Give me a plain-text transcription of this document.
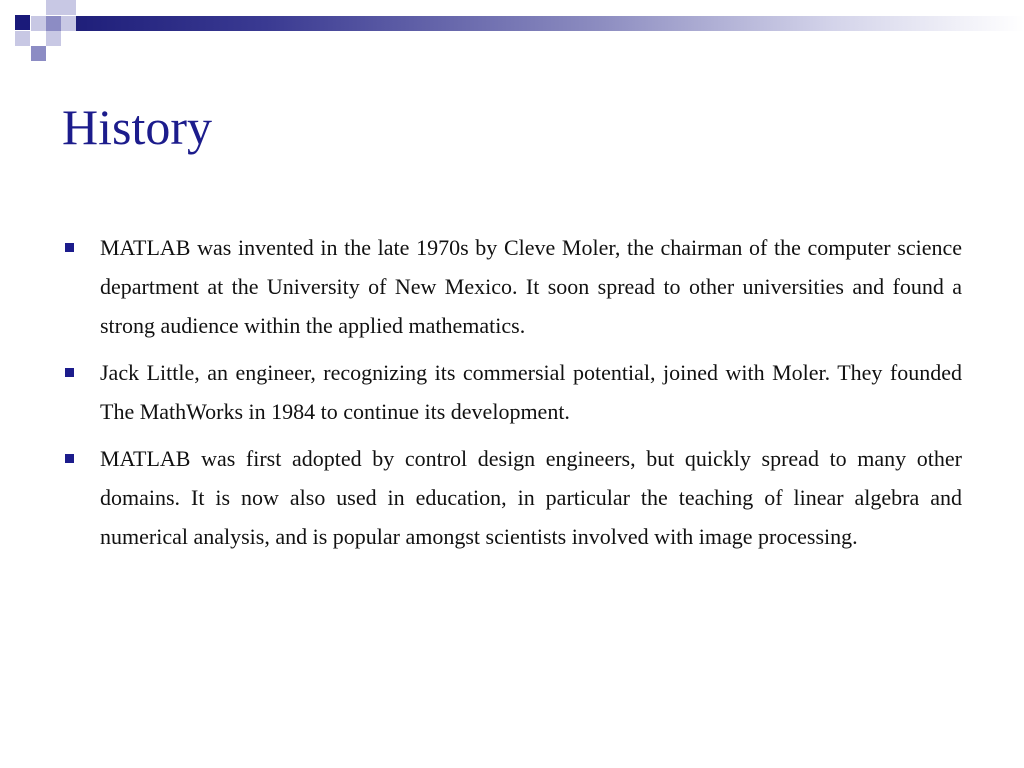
History
MATLAB was invented in the late 1970s by Cleve Moler, the chairman of the computer science department at the University of New Mexico. It soon spread to other universities and found a strong audience within the applied mathematics.
Jack Little, an engineer, recognizing its commersial potential, joined with Moler. They founded The MathWorks in 1984 to continue its development.
MATLAB was first adopted by control design engineers, but quickly spread to many other domains. It is now also used in education, in particular the teaching of linear algebra and numerical analysis, and is popular amongst scientists involved with image processing.
